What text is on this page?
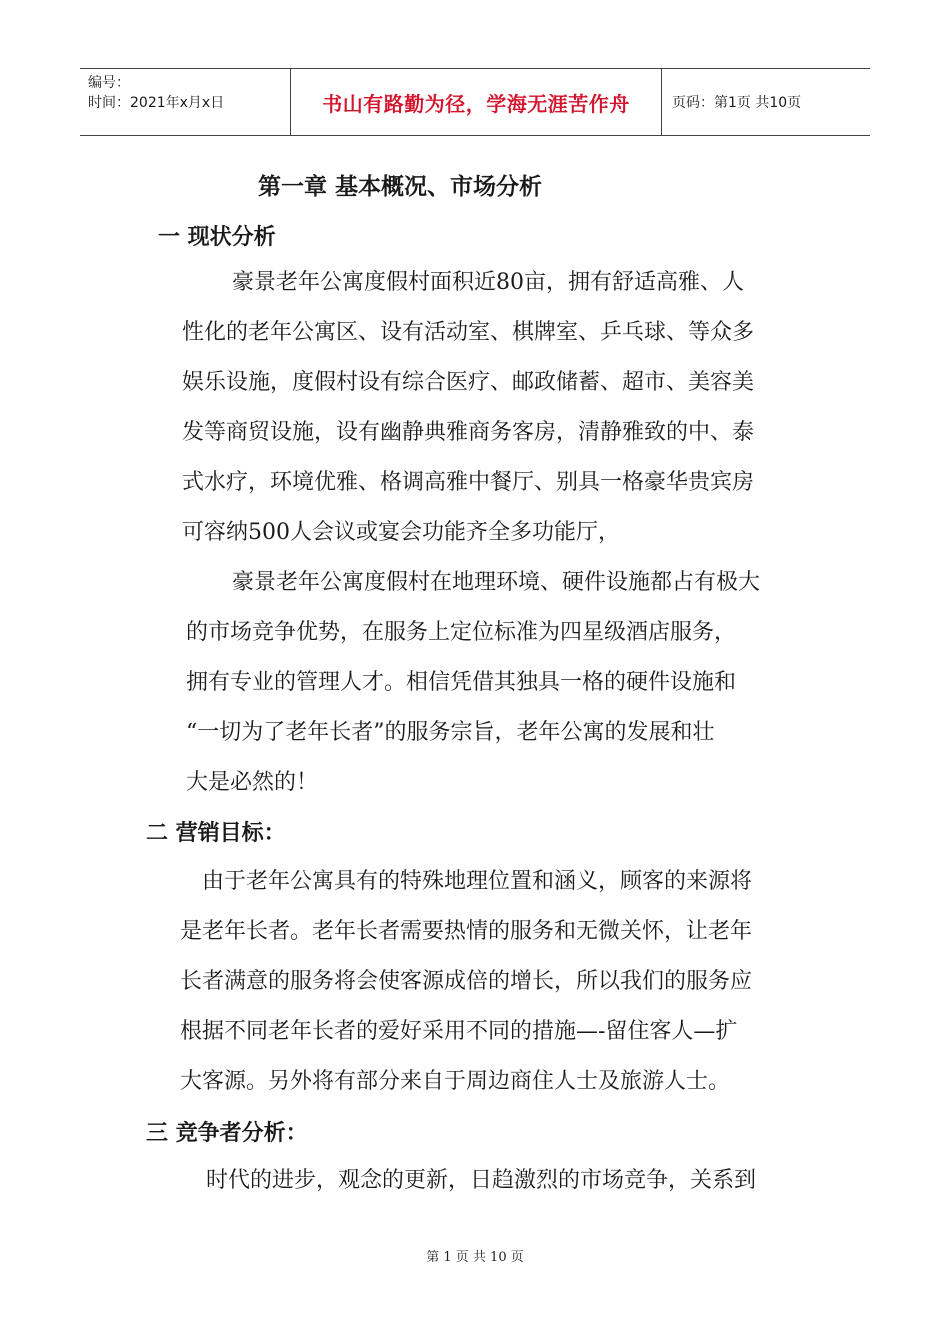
编号：
时间：2021年x月x日	书山有路勤为径，学海无涯苦作舟	页码：第1页 共10页
第一章 基本概况、市场分析
一 现状分析
豪景老年公寓度假村面积近80亩，拥有舒适高雅、人
性化的老年公寓区、设有活动室、棋牌室、乒乓球、等众多
娱乐设施，度假村设有综合医疗、邮政储蓄、超市、美容美
发等商贸设施，设有幽静典雅商务客房，清静雅致的中、泰
式水疗，环境优雅、格调高雅中餐厅、别具一格豪华贵宾房
可容纳500人会议或宴会功能齐全多功能厅，
豪景老年公寓度假村在地理环境、硬件设施都占有极大
的市场竞争优势，在服务上定位标准为四星级酒店服务，
拥有专业的管理人才。相信凭借其独具一格的硬件设施和
“一切为了老年长者”的服务宗旨，老年公寓的发展和壮
大是必然的！
二 营销目标：
由于老年公寓具有的特殊地理位置和涵义，顾客的来源将
是老年长者。老年长者需要热情的服务和无微关怀，让老年
长者满意的服务将会使客源成倍的增长，所以我们的服务应
根据不同老年长者的爱好采用不同的措施—-留住客人—扩
大客源。另外将有部分来自于周边商住人士及旅游人士。
三 竞争者分析：
时代的进步，观念的更新，日趋激烈的市场竞争，关系到
第 1 页 共 10 页
